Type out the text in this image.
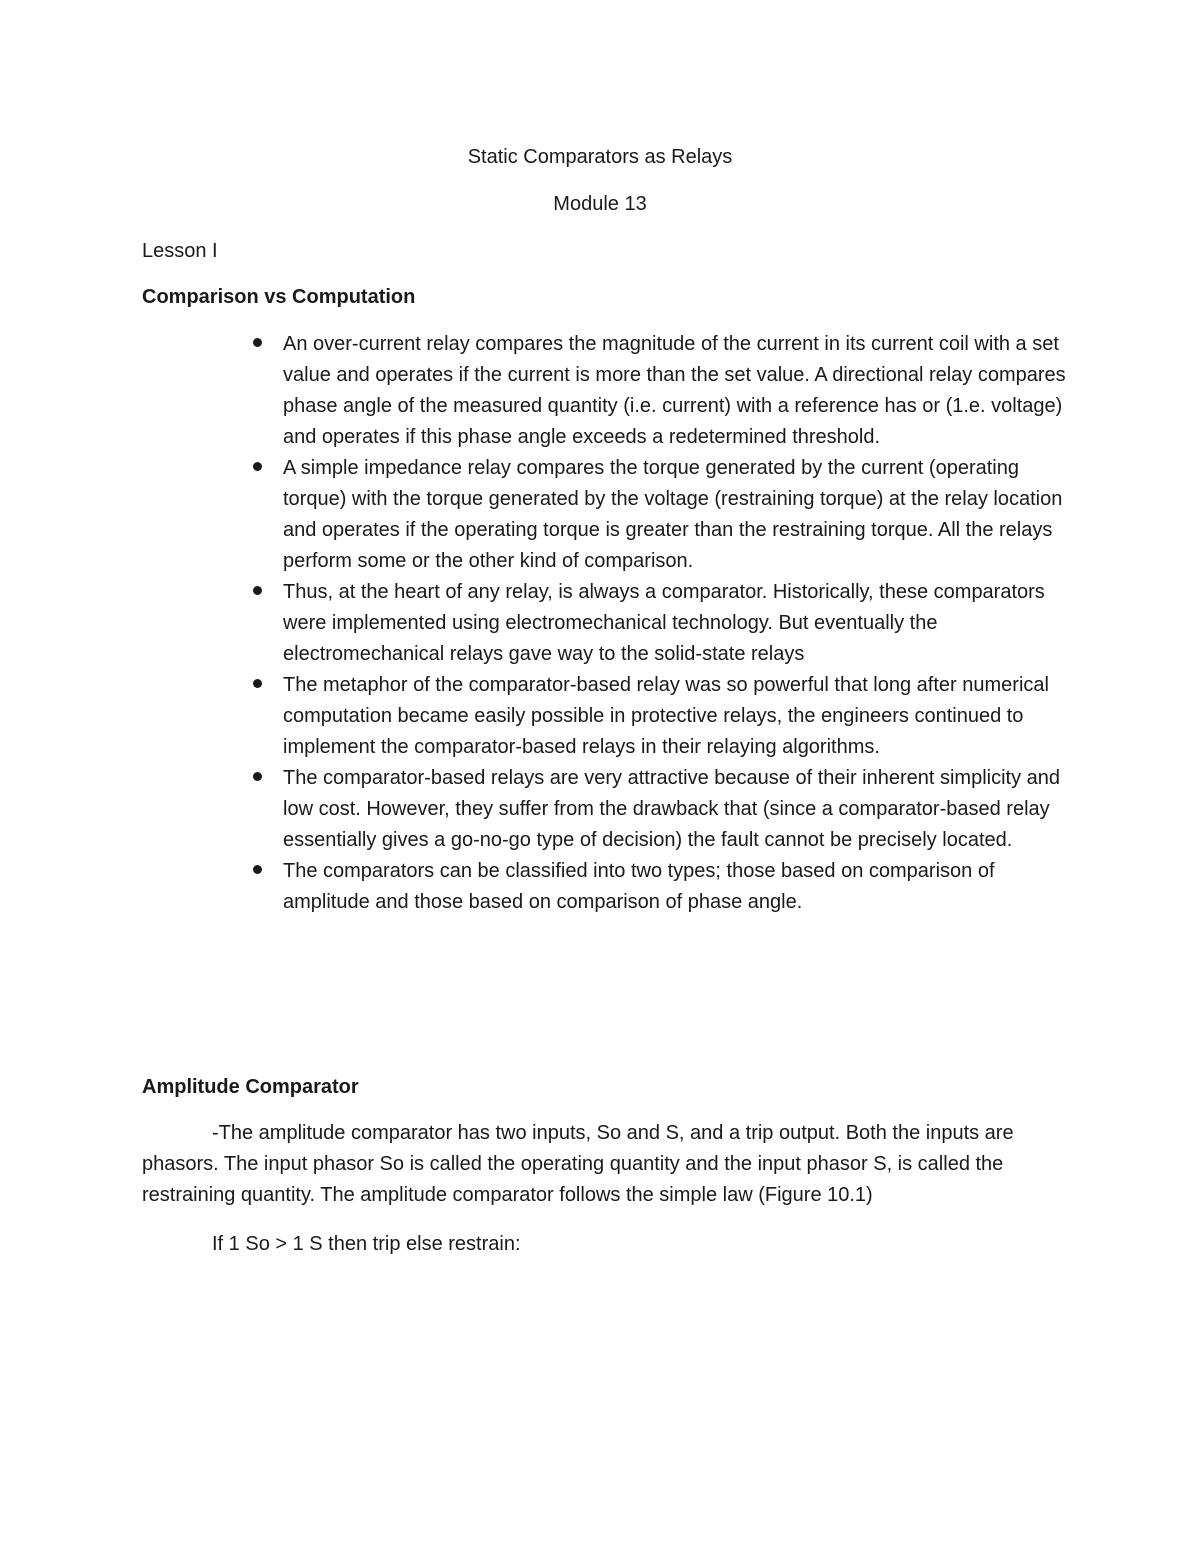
Static Comparators as Relays
Module 13
Lesson I
Comparison vs Computation
An over-current relay compares the magnitude of the current in its current coil with a set value and operates if the current is more than the set value. A directional relay compares phase angle of the measured quantity (i.e. current) with a reference has or (1.e. voltage) and operates if this phase angle exceeds a redetermined threshold.
A simple impedance relay compares the torque generated by the current (operating torque) with the torque generated by the voltage (restraining torque) at the relay location and operates if the operating torque is greater than the restraining torque. All the relays perform some or the other kind of comparison.
Thus, at the heart of any relay, is always a comparator. Historically, these comparators were implemented using electromechanical technology. But eventually the electromechanical relays gave way to the solid-state relays
The metaphor of the comparator-based relay was so powerful that long after numerical computation became easily possible in protective relays, the engineers continued to implement the comparator-based relays in their relaying algorithms.
The comparator-based relays are very attractive because of their inherent simplicity and low cost. However, they suffer from the drawback that (since a comparator-based relay essentially gives a go-no-go type of decision) the fault cannot be precisely located.
The comparators can be classified into two types; those based on comparison of amplitude and those based on comparison of phase angle.
Amplitude Comparator
-The amplitude comparator has two inputs, So and S, and a trip output. Both the inputs are phasors. The input phasor So is called the operating quantity and the input phasor S, is called the restraining quantity. The amplitude comparator follows the simple law (Figure 10.1)
If 1 So > 1 S then trip else restrain:
